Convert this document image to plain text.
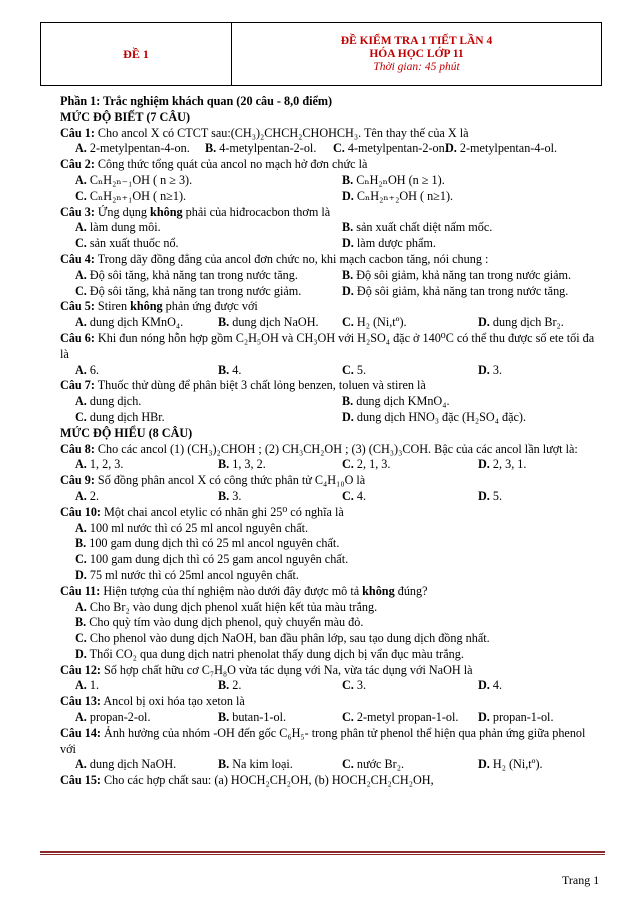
ĐỀ 1
ĐỀ KIỂM TRA 1 TIẾT LẦN 4
HÓA HỌC LỚP 11
Thời gian: 45 phút
Phần 1: Trắc nghiệm khách quan (20 câu - 8,0 điểm)
MỨC ĐỘ BIẾT (7 CÂU)
Câu 1: Cho ancol X có CTCT sau:(CH₃)₂CHCH₂CHOHCH₃. Tên thay thế của X là
A. 2-metylpentan-4-on. B. 4-metylpentan-2-ol. C. 4-metylpentan-2-on.
D. 2-metylpentan-4-ol.
Câu 2: Công thức tổng quát của ancol no mạch hở đơn chức là
A. CₙH₂ₙ₋₁OH ( n ≥ 3).	B. CₙH₂ₙOH (n ≥ 1).
C. CₙH₂ₙ₊₁OH ( n≥1).	D. CₙH₂ₙ₊₂OH ( n≥1).
Câu 3: Ứng dụng không phải của hiđrocacbon thơm là
A. làm dung môi.	B. sản xuất chất diệt nấm mốc.
C. sản xuất thuốc nổ.	D. làm dược phẩm.
Câu 4: Trong dãy đồng đẳng của ancol đơn chức no, khi mạch cacbon tăng, nói chung :
A. Độ sôi tăng, khả năng tan trong nước tăng.	B. Độ sôi giảm, khả năng tan trong nước giảm.
C. Độ sôi tăng, khả năng tan trong nước giảm.	D. Độ sôi giảm, khả năng tan trong nước tăng.
Câu 5: Stiren không phản ứng được với
A. dung dịch KMnO₄.	B. dung dịch NaOH. C. H₂ (Ni,tº).	D. dung dịch Br₂.
Câu 6: Khi đun nóng hỗn hợp gồm C₂H₅OH và CH₃OH với H₂SO₄ đặc ở 140⁰C có thể thu được số ete tối đa là
A. 6.	B. 4.	C. 5.	D. 3.
Câu 7: Thuốc thử dùng để phân biệt 3 chất lỏng benzen, toluen và stiren là
A. dung dịch.	B. dung dịch KMnO₄.
C. dung dịch HBr.	D. dung dịch HNO₃ đặc (H₂SO₄ đặc).
MỨC ĐỘ HIỂU (8 CÂU)
Câu 8: Cho các ancol (1) (CH₃)₂CHOH ; (2) CH₃CH₂OH ; (3) (CH₃)₃COH. Bậc của các ancol lần lượt là:
A. 1, 2, 3.	B. 1, 3, 2.	C. 2, 1, 3.	D. 2, 3, 1.
Câu 9: Số đồng phân ancol X có công thức phân tử C₄H₁₀O là
A. 2.	B. 3.	C. 4.	D. 5.
Câu 10: Một chai ancol etylic có nhãn ghi 25⁰ có nghĩa là
A. 100 ml nước thì có 25 ml ancol nguyên chất.
B. 100 gam dung dịch thì có 25 ml ancol nguyên chất.
C. 100 gam dung dịch thì có 25 gam ancol nguyên chất.
D. 75 ml nước thì có 25ml ancol nguyên chất.
Câu 11: Hiện tượng của thí nghiệm nào dưới đây được mô tả không đúng?
A. Cho Br₂ vào dung dịch phenol xuất hiện kết tủa màu trắng.
B. Cho quỳ tím vào dung dịch phenol, quỳ chuyển màu đỏ.
C. Cho phenol vào dung dịch NaOH, ban đầu phân lớp, sau tạo dung dịch đồng nhất.
D. Thổi CO₂ qua dung dịch natri phenolat thấy dung dịch bị vẩn đục màu trắng.
Câu 12: Số hợp chất hữu cơ C₇H₈O vừa tác dụng với Na, vừa tác dụng với NaOH là
A. 1.	B. 2.	C. 3.	D. 4.
Câu 13: Ancol bị oxi hóa tạo xeton là
A. propan-2-ol.	B. butan-1-ol.	C. 2-metyl propan-1-ol. D. propan-1-ol.
Câu 14: Ảnh hưởng của nhóm -OH đến gốc C₆H₅- trong phân tử phenol thể hiện qua phản ứng giữa phenol với
A. dung dịch NaOH.	B. Na kim loại.	C. nước Br₂.	D. H₂ (Ni,tº).
Câu 15: Cho các hợp chất sau: (a) HOCH₂CH₂OH, (b) HOCH₂CH₂CH₂OH,
Trang 1
